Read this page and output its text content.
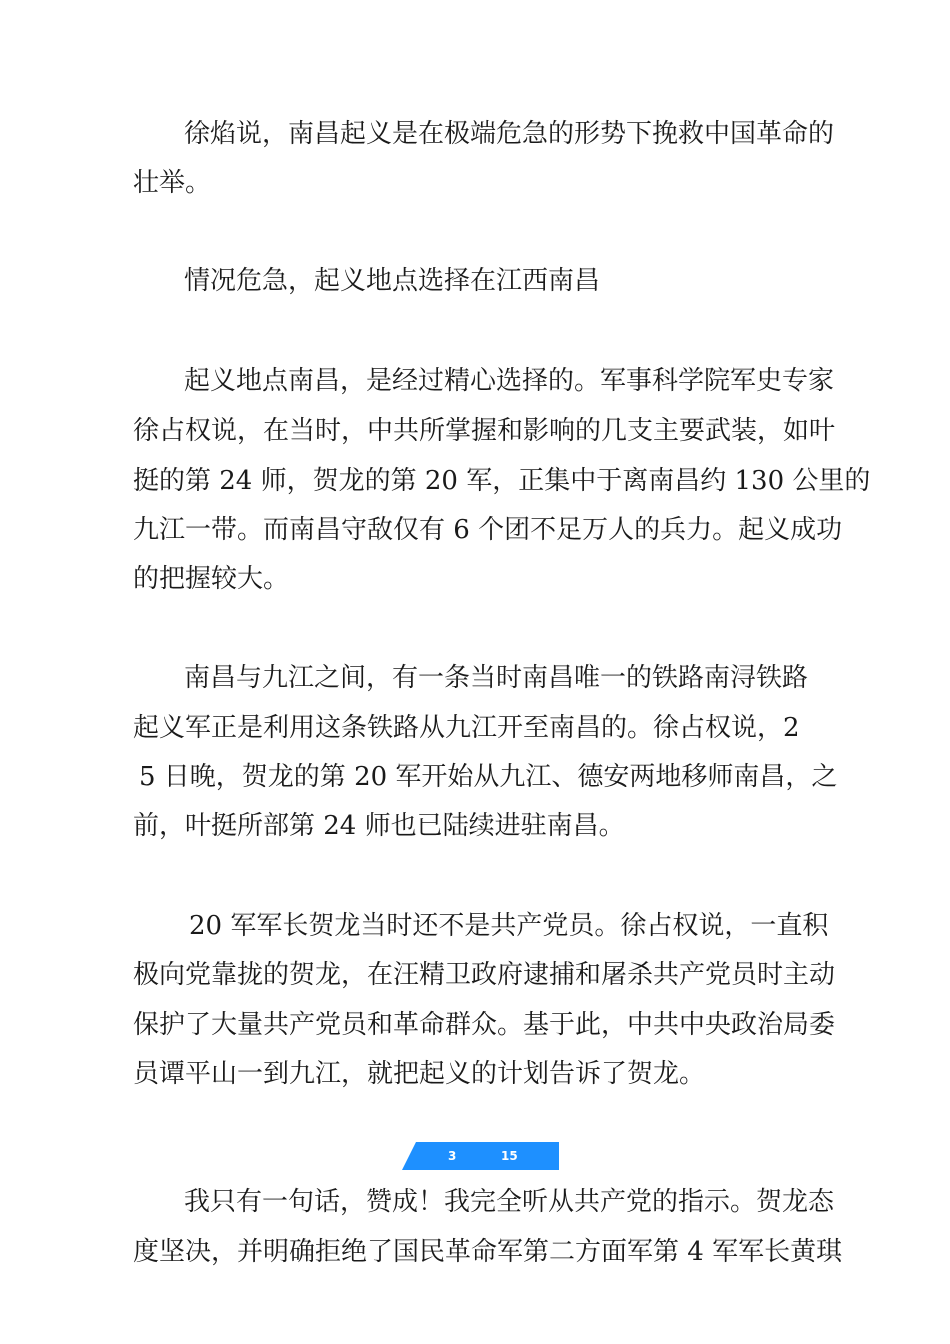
徐焰说，南昌起义是在极端危急的形势下挽救中国革命的
壮举。
情况危急，起义地点选择在江西南昌
起义地点南昌，是经过精心选择的。军事科学院军史专家
徐占权说，在当时，中共所掌握和影响的几支主要武装，如叶
挺的第 24 师，贺龙的第 20 军，正集中于离南昌约 130 公里的
九江一带。而南昌守敌仅有 6 个团不足万人的兵力。起义成功
的把握较大。
南昌与九江之间，有一条当时南昌唯一的铁路南浔铁路
起义军正是利用这条铁路从九江开至南昌的。徐占权说，2
5 日晚，贺龙的第 20 军开始从九江、德安两地移师南昌，之
前，叶挺所部第 24 师也已陆续进驻南昌。
20 军军长贺龙当时还不是共产党员。徐占权说，一直积
极向党靠拢的贺龙，在汪精卫政府逮捕和屠杀共产党员时主动
保护了大量共产党员和革命群众。基于此，中共中央政治局委
员谭平山一到九江，就把起义的计划告诉了贺龙。
我只有一句话，赞成！我完全听从共产党的指示。贺龙态
度坚决，并明确拒绝了国民革命军第二方面军第 4 军军长黄琪
3	15
